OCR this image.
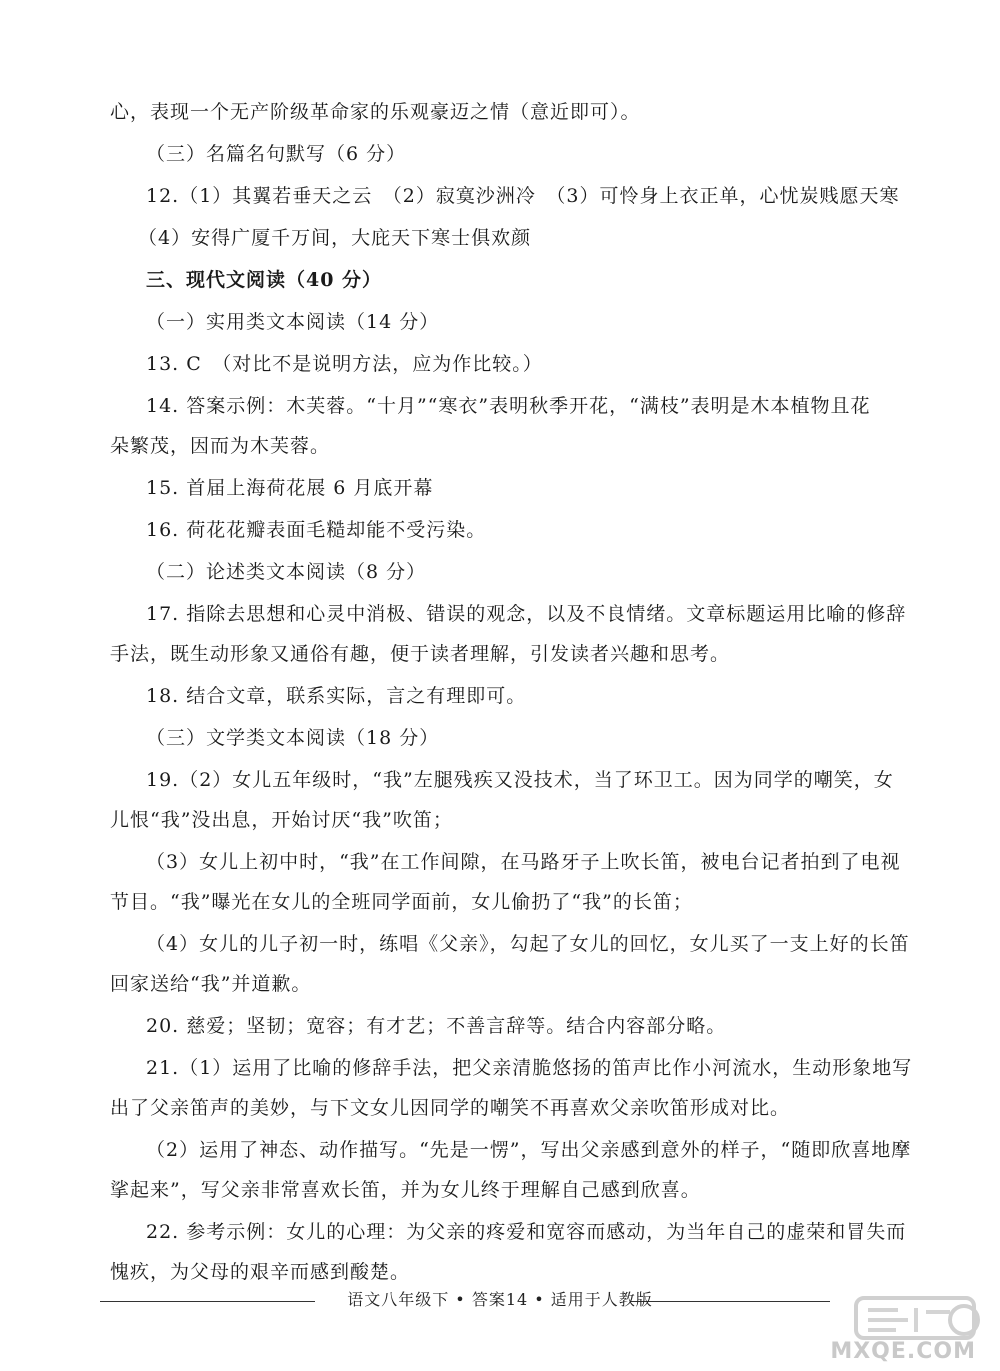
心，表现一个无产阶级革命家的乐观豪迈之情（意近即可）。
（三）名篇名句默写（6 分）
12.（1）其翼若垂天之云　（2）寂寞沙洲冷　（3）可怜身上衣正单，心忧炭贱愿天寒
（4）安得广厦千万间，大庇天下寒士俱欢颜
三、现代文阅读（40 分）
（一）实用类文本阅读（14 分）
13. C　（对比不是说明方法，应为作比较。）
14. 答案示例：木芙蓉。“十月”“寒衣”表明秋季开花，“满枝”表明是木本植物且花
朵繁茂，因而为木芙蓉。
15. 首届上海荷花展 6 月底开幕
16. 荷花花瓣表面毛糙却能不受污染。
（二）论述类文本阅读（8 分）
17. 指除去思想和心灵中消极、错误的观念，以及不良情绪。文章标题运用比喻的修辞
手法，既生动形象又通俗有趣，便于读者理解，引发读者兴趣和思考。
18. 结合文章，联系实际，言之有理即可。
（三）文学类文本阅读（18 分）
19.（2）女儿五年级时，“我”左腿残疾又没技术，当了环卫工。因为同学的嘲笑，女
儿恨“我”没出息，开始讨厌“我”吹笛；
（3）女儿上初中时，“我”在工作间隙，在马路牙子上吹长笛，被电台记者拍到了电视
节目。“我”曝光在女儿的全班同学面前，女儿偷扔了“我”的长笛；
（4）女儿的儿子初一时，练唱《父亲》，勾起了女儿的回忆，女儿买了一支上好的长笛
回家送给“我”并道歉。
20. 慈爱；坚韧；宽容；有才艺；不善言辞等。结合内容部分略。
21.（1）运用了比喻的修辞手法，把父亲清脆悠扬的笛声比作小河流水，生动形象地写
出了父亲笛声的美妙，与下文女儿因同学的嘲笑不再喜欢父亲吹笛形成对比。
（2）运用了神态、动作描写。“先是一愣”，写出父亲感到意外的样子，“随即欣喜地摩
挲起来”，写父亲非常喜欢长笛，并为女儿终于理解自己感到欣喜。
22. 参考示例：女儿的心理：为父亲的疼爱和宽容而感动，为当年自己的虚荣和冒失而
愧疚，为父母的艰辛而感到酸楚。
语文八年级下 • 答案14 • 适用于人教版
MXQE.COM
